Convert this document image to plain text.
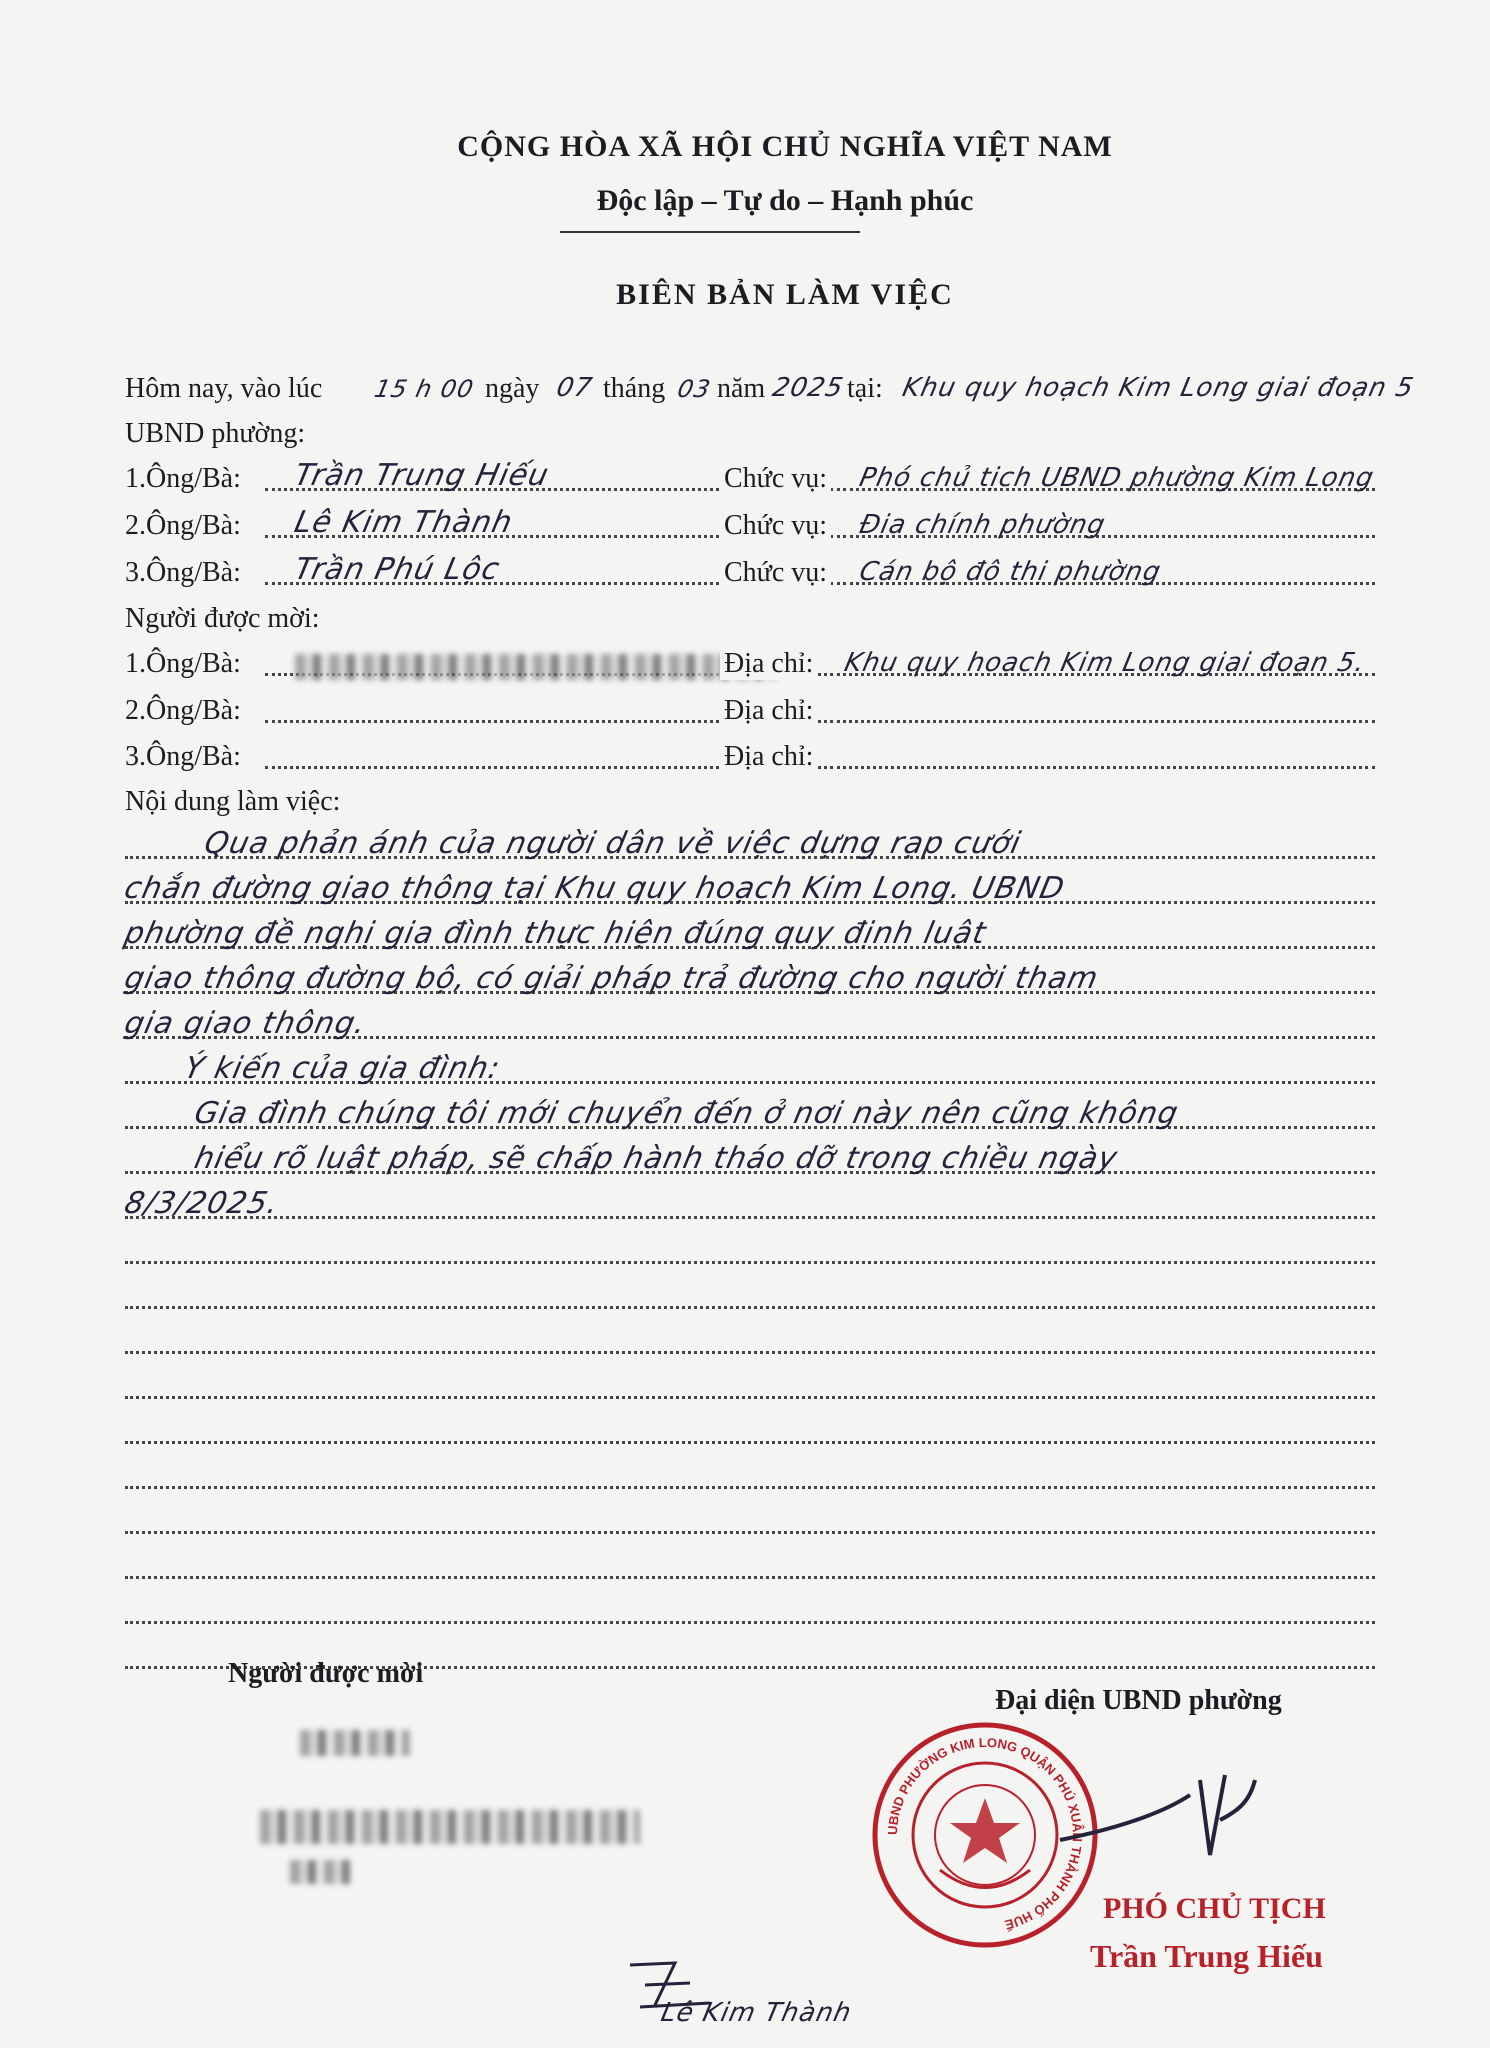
CỘNG HÒA XÃ HỘI CHỦ NGHĨA VIỆT NAM
Độc lập – Tự do – Hạnh phúc
BIÊN BẢN LÀM VIỆC
Hôm nay, vào lúc 15 h 00 ngày 07 tháng 03 năm 2025 tại: Khu quy hoạch Kim Long giai đoạn 5
UBND phường:
1.Ông/Bà: Trần Trung Hiếu	Chức vụ: Phó chủ tịch UBND phường Kim Long
2.Ông/Bà: Lê Kim Thành	Chức vụ: Địa chính phường
3.Ông/Bà: Trần Phú Lộc	Chức vụ: Cán bộ đô thị phường
Người được mời:
1.Ông/Bà:	Địa chỉ: Khu quy hoạch Kim Long giai đoạn 5.
2.Ông/Bà:	Địa chỉ:
3.Ông/Bà:	Địa chỉ:
Nội dung làm việc:
Qua phản ánh của người dân về việc dựng rạp cưới
chắn đường giao thông tại Khu quy hoạch Kim Long. UBND
phường đề nghị gia đình thực hiện đúng quy định luật
giao thông đường bộ, có giải pháp trả đường cho người tham
gia giao thông.
Ý kiến của gia đình:
Gia đình chúng tôi mới chuyển đến ở nơi này nên cũng không
hiểu rõ luật pháp, sẽ chấp hành tháo dỡ trong chiều ngày
8/3/2025.
Người được mời
Đại diện UBND phường
UBND PHƯỜNG KIM LONG QUẬN PHÚ XUÂN THÀNH PHỐ HUẾ	PHÓ CHỦ TỊCH
Trần Trung Hiếu
Lê Kim Thành
